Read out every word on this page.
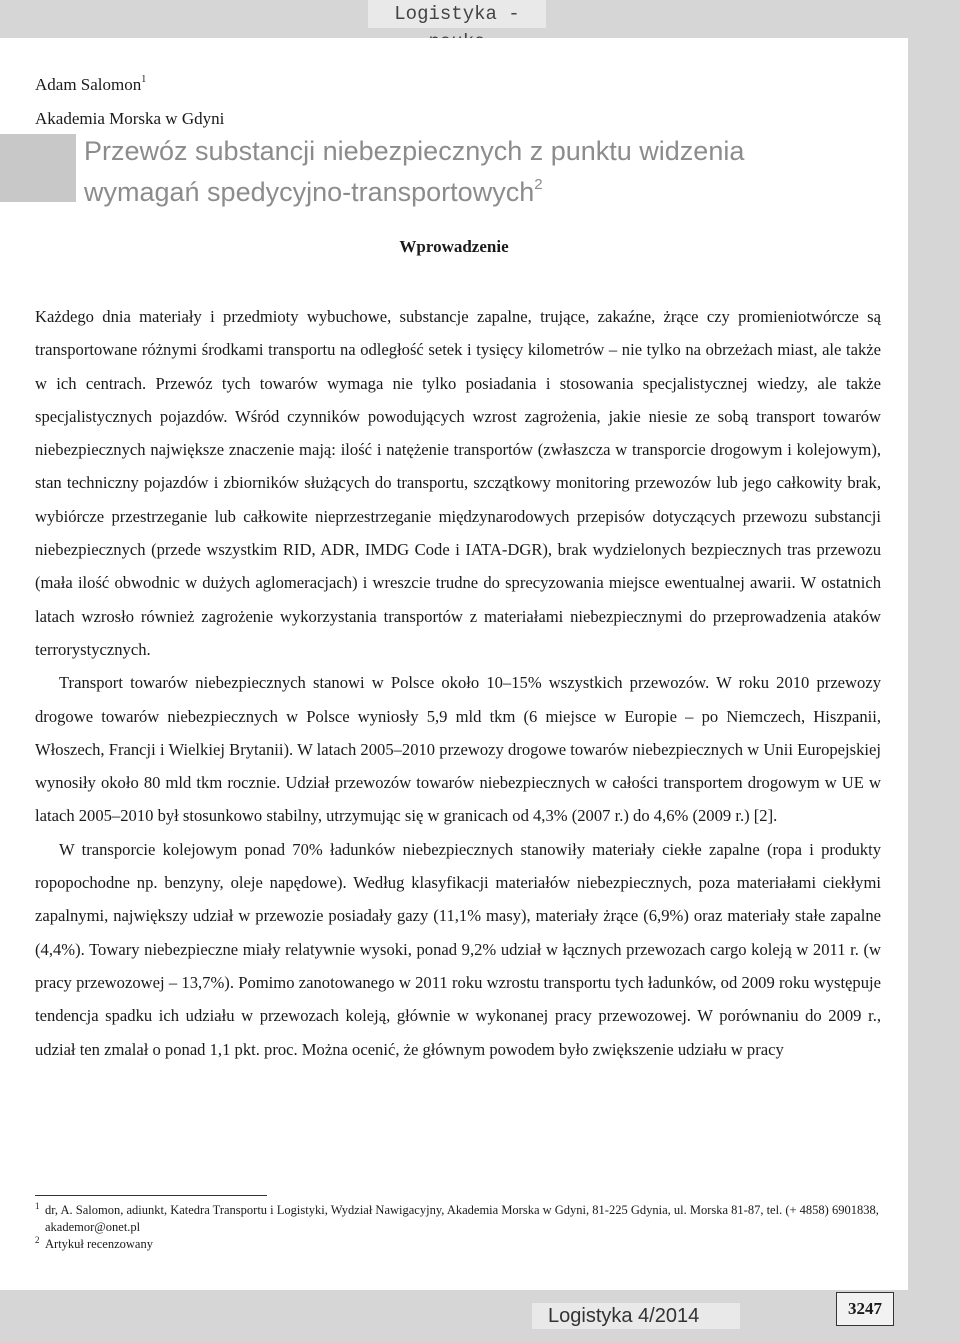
Logistyka -
Adam Salomon$^1$
Akademia Morska w Gdyni
Przewóz substancji niebezpiecznych z punktu widzenia
wymagań spedycyjno-transportowych$^2$
Wprowadzenie

Każdego dnia materiały i przedmioty wybuchowe, substancje zapalne, trujące, zakaźne, żrące czy promieniotwórcze są transportowane różnymi środkami transportu na odległość setek i tysięcy kilometrów – nie tylko na obrzeżach miast, ale także w ich centrach. Przewóz tych towarów wymaga nie tylko posiadania i stosowania specjalistycznej wiedzy, ale także specjalistycznych pojazdów. Wśród czynników powodujących wzrost zagrożenia, jakie niesie ze sobą transport towarów niebezpiecznych największe znaczenie mają: ilość i natężenie transportów (zwłaszcza w transporcie drogowym i kolejowym), stan techniczny pojazdów i zbiorników służących do transportu, szczątkowy monitoring przewozów lub jego całkowity brak, wybiórcze przestrzeganie lub całkowite nieprzestrzeganie międzynarodowych przepisów dotyczących przewozu substancji niebezpiecznych (przede wszystkim RID, ADR, IMDG Code i IATA-DGR), brak wydzielonych bezpiecznych tras przewozu (mała ilość obwodnic w dużych aglomeracjach) i wreszcie trudne do sprecyzowania miejsce ewentualnej awarii. W ostatnich latach wzrosło również zagrożenie wykorzystania transportów z materiałami niebezpiecznymi do przeprowadzenia ataków terrorystycznych.

Transport towarów niebezpiecznych stanowi w Polsce około 10–15% wszystkich przewozów. W roku 2010 przewozy drogowe towarów niebezpiecznych w Polsce wyniosły 5,9 mld tkm (6 miejsce w Europie – po Niemczech, Hiszpanii, Włoszech, Francji i Wielkiej Brytanii). W latach 2005–2010 przewozy drogowe towarów niebezpiecznych w Unii Europejskiej wynosiły około 80 mld tkm rocznie. Udział przewozów towarów niebezpiecznych w całości transportem drogowym w UE w latach 2005–2010 był stosunkowo stabilny, utrzymując się w granicach od 4,3% (2007 r.) do 4,6% (2009 r.) [2].

W transporcie kolejowym ponad 70% ładunków niebezpiecznych stanowiły materiały ciekłe zapalne (ropa i produkty ropopochodne np. benzyny, oleje napędowe). Według klasyfikacji materiałów niebezpiecznych, poza materiałami ciekłymi zapalnymi, największy udział w przewozie posiadały gazy (11,1% masy), materiały żrące (6,9%) oraz materiały stałe zapalne (4,4%). Towary niebezpieczne miały relatywnie wysoki, ponad 9,2% udział w łącznych przewozach cargo koleją w 2011 r. (w pracy przewozowej – 13,7%). Pomimo zanotowanego w 2011 roku wzrostu transportu tych ładunków, od 2009 roku występuje tendencja spadku ich udziału w przewozach koleją, głównie w wykonanej pracy przewozowej. W porównaniu do 2009 r., udział ten zmalał o ponad 1,1 pkt. proc. Można ocenić, że głównym powodem było zwiększenie udziału w pracy

1 dr, A. Salomon, adiunkt, Katedra Transportu i Logistyki, Wydział Nawigacyjny, Akademia Morska w Gdyni, 81-225 Gdynia, ul. Morska 81-87, tel. (+ 4858) 6901838, akademor@onet.pl
2 Artykuł recenzowany
Logistyka 4/2014	3247
